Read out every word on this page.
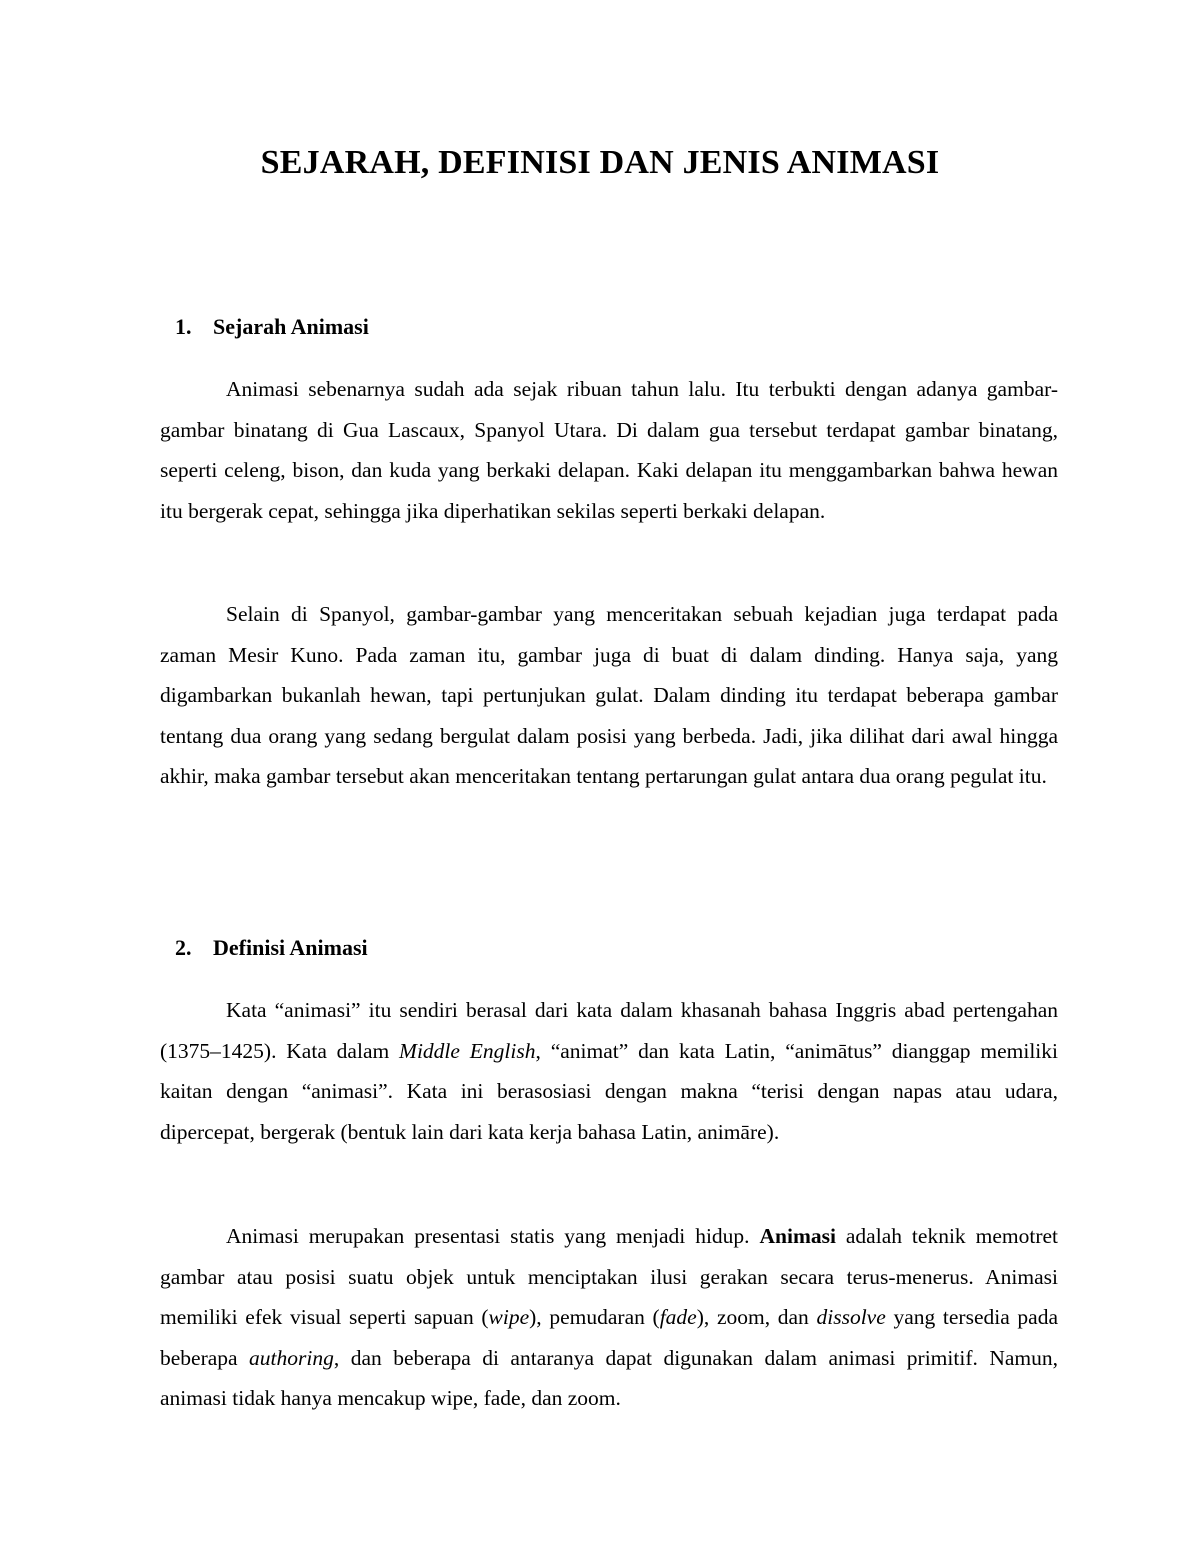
SEJARAH, DEFINISI DAN JENIS ANIMASI
1. Sejarah Animasi

Animasi sebenarnya sudah ada sejak ribuan tahun lalu. Itu terbukti dengan adanya gambar-gambar binatang di Gua Lascaux, Spanyol Utara. Di dalam gua tersebut terdapat gambar binatang, seperti celeng, bison, dan kuda yang berkaki delapan. Kaki delapan itu menggambarkan bahwa hewan itu bergerak cepat, sehingga jika diperhatikan sekilas seperti berkaki delapan.

Selain di Spanyol, gambar-gambar yang menceritakan sebuah kejadian juga terdapat pada zaman Mesir Kuno. Pada zaman itu, gambar juga di buat di dalam dinding. Hanya saja, yang digambarkan bukanlah hewan, tapi pertunjukan gulat. Dalam dinding itu terdapat beberapa gambar tentang dua orang yang sedang bergulat dalam posisi yang berbeda. Jadi, jika dilihat dari awal hingga akhir, maka gambar tersebut akan menceritakan tentang pertarungan gulat antara dua orang pegulat itu.

2. Definisi Animasi

Kata “animasi” itu sendiri berasal dari kata dalam khasanah bahasa Inggris abad pertengahan (1375–1425). Kata dalam Middle English, “animat” dan kata Latin, “animātus” dianggap memiliki kaitan dengan “animasi”. Kata ini berasosiasi dengan makna “terisi dengan napas atau udara, dipercepat, bergerak (bentuk lain dari kata kerja bahasa Latin, animāre).

Animasi merupakan presentasi statis yang menjadi hidup. Animasi adalah teknik memotret gambar atau posisi suatu objek untuk menciptakan ilusi gerakan secara terus-menerus. Animasi memiliki efek visual seperti sapuan (wipe), pemudaran (fade), zoom, dan dissolve yang tersedia pada beberapa authoring, dan beberapa di antaranya dapat digunakan dalam animasi primitif. Namun, animasi tidak hanya mencakup wipe, fade, dan zoom.
